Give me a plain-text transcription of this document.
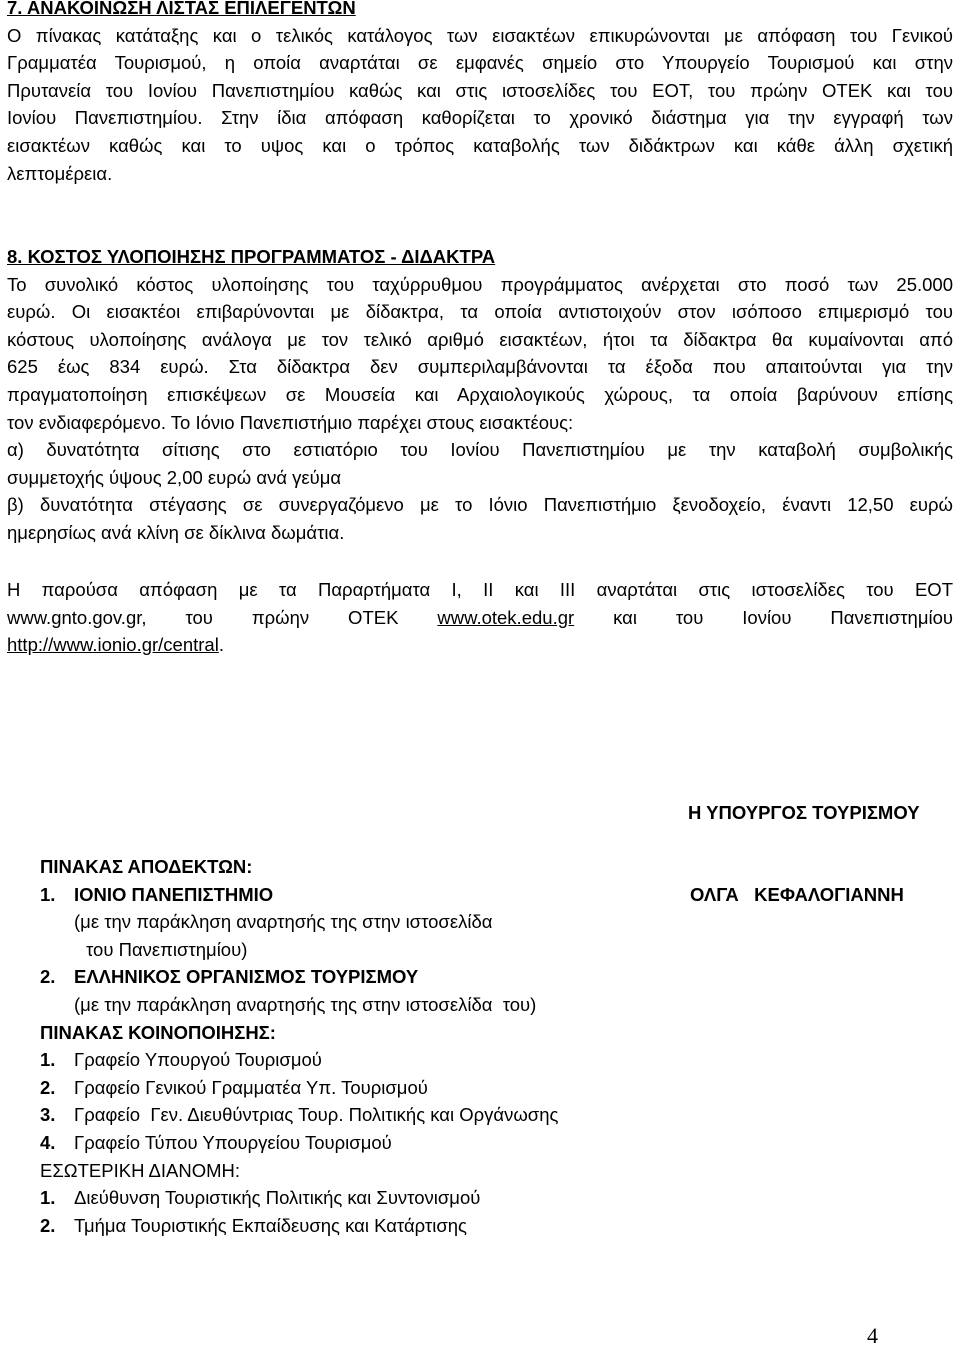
7. ΑΝΑΚΟΙΝΩΣΗ ΛΙΣΤΑΣ ΕΠΙΛΕΓΕΝΤΩΝ
Ο πίνακας κατάταξης και ο τελικός κατάλογος των εισακτέων επικυρώνονται με απόφαση του Γενικού
Γραμματέα Τουρισμού, η οποία αναρτάται σε εμφανές σημείο στο Υπουργείο Τουρισμού και στην
Πρυτανεία του Ιονίου Πανεπιστημίου καθώς και στις ιστοσελίδες του ΕΟΤ, του πρώην ΟΤΕΚ και του
Ιονίου Πανεπιστημίου. Στην ίδια απόφαση καθορίζεται το χρονικό διάστημα για την εγγραφή των
εισακτέων καθώς και το υψος και ο τρόπος καταβολής των διδάκτρων και κάθε άλλη σχετική
λεπτομέρεια.
8. ΚΟΣΤΟΣ ΥΛΟΠΟΙΗΣΗΣ ΠΡΟΓΡΑΜΜΑΤΟΣ - ΔΙΔΑΚΤΡΑ
Το συνολικό κόστος υλοποίησης του ταχύρρυθμου προγράμματος ανέρχεται στο ποσό των 25.000
ευρώ. Οι εισακτέοι επιβαρύνονται με δίδακτρα, τα οποία αντιστοιχούν στον ισόποσο επιμερισμό του
κόστους υλοποίησης ανάλογα με τον τελικό αριθμό εισακτέων, ήτοι τα δίδακτρα θα κυμαίνονται από
625 έως 834 ευρώ. Στα δίδακτρα δεν συμπεριλαμβάνονται τα έξοδα που απαιτούνται για την
πραγματοποίηση επισκέψεων σε Μουσεία και Αρχαιολογικούς χώρους, τα οποία βαρύνουν επίσης
τον ενδιαφερόμενο. Το Ιόνιο Πανεπιστήμιο παρέχει στους εισακτέους:
α) δυνατότητα σίτισης στο εστιατόριο του Ιονίου Πανεπιστημίου με την καταβολή συμβολικής
συμμετοχής ύψους 2,00 ευρώ ανά γεύμα
β) δυνατότητα στέγασης σε συνεργαζόμενο με το Ιόνιο Πανεπιστήμιο ξενοδοχείο, έναντι 12,50 ευρώ
ημερησίως ανά κλίνη σε δίκλινα δωμάτια.
Η παρούσα απόφαση με τα Παραρτήματα Ι, ΙΙ και ΙΙΙ αναρτάται στις ιστοσελίδες του ΕΟΤ
www.gnto.gov.gr, του πρώην ΟΤΕΚ www.otek.edu.gr και του Ιονίου Πανεπιστημίου
http://www.ionio.gr/central.
Η ΥΠΟΥΡΓΟΣ ΤΟΥΡΙΣΜΟΥ
ΟΛΓΑ   ΚΕΦΑΛΟΓΙΑΝΝΗ
ΠΙΝΑΚΑΣ ΑΠΟΔΕΚΤΩΝ:
1. ΙΟΝΙΟ ΠΑΝΕΠΙΣΤΗΜΙΟ
(με την παράκληση αναρτησής της στην ιστοσελίδα
του Πανεπιστημίου)
2. ΕΛΛΗΝΙΚΟΣ ΟΡΓΑΝΙΣΜΟΣ ΤΟΥΡΙΣΜΟΥ
(με την παράκληση αναρτησής της στην ιστοσελίδα  του)
ΠΙΝΑΚΑΣ ΚΟΙΝΟΠΟΙΗΣΗΣ:
1. Γραφείο Υπουργού Τουρισμού
2. Γραφείο Γενικού Γραμματέα Υπ. Τουρισμού
3. Γραφείο  Γεν. Διευθύντριας Τουρ. Πολιτικής και Οργάνωσης
4. Γραφείο Τύπου Υπουργείου Τουρισμού
ΕΣΩΤΕΡΙΚΗ ΔΙΑΝΟΜΗ:
1. Διεύθυνση Τουριστικής Πολιτικής και Συντονισμού
2. Τμήμα Τουριστικής Εκπαίδευσης και Κατάρτισης
4
